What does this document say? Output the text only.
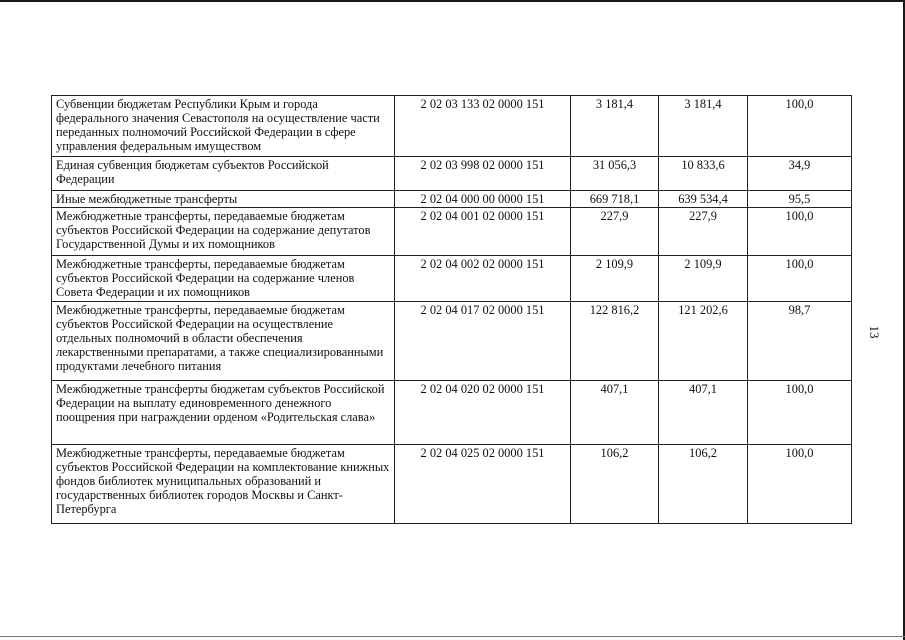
Субвенции бюджетам Республики Крым и города федерального значения Севастополя на осуществление части переданных полномочий Российской Федерации в сфере управления федеральным имуществом	2 02 03 133 02 0000 151	3 181,4	3 181,4	100,0
Единая субвенция бюджетам субъектов Российской Федерации	2 02 03 998 02 0000 151	31 056,3	10 833,6	34,9
Иные межбюджетные трансферты	2 02 04 000 00 0000 151	669 718,1	639 534,4	95,5
Межбюджетные трансферты, передаваемые бюджетам субъектов Российской Федерации на содержание депутатов Государственной Думы и их помощников	2 02 04 001 02 0000 151	227,9	227,9	100,0
Межбюджетные трансферты, передаваемые бюджетам субъектов Российской Федерации на содержание членов Совета Федерации и их помощников	2 02 04 002 02 0000 151	2 109,9	2 109,9	100,0
Межбюджетные трансферты, передаваемые бюджетам субъектов Российской Федерации на осуществление отдельных полномочий в области обеспечения лекарственными препаратами, а также специализированными продуктами лечебного питания	2 02 04 017 02 0000 151	122 816,2	121 202,6	98,7
Межбюджетные трансферты бюджетам субъектов Российской Федерации на выплату единовременного денежного поощрения при награждении орденом «Родительская слава»	2 02 04 020 02 0000 151	407,1	407,1	100,0
Межбюджетные трансферты, передаваемые бюджетам субъектов Российской Федерации на комплектование книжных фондов библиотек муниципальных образований и государственных библиотек городов Москвы и Санкт-Петербурга	2 02 04 025 02 0000 151	106,2	106,2	100,0
13
